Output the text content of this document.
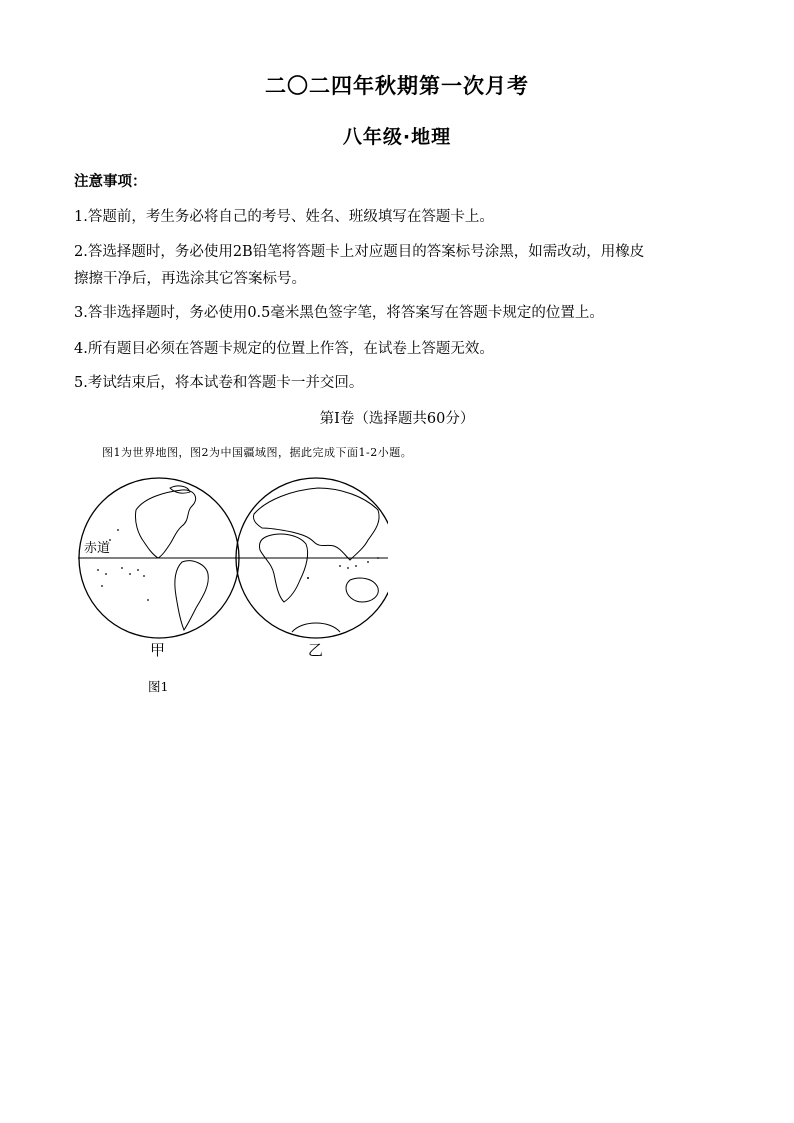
二〇二四年秋期第一次月考
八年级·地理
注意事项：
1.答题前，考生务必将自己的考号、姓名、班级填写在答题卡上。
2.答选择题时，务必使用2B铅笔将答题卡上对应题目的答案标号涂黑，如需改动，用橡皮
擦擦干净后，再选涂其它答案标号。
3.答非选择题时，务必使用0.5毫米黑色签字笔，将答案写在答题卡规定的位置上。
4.所有题目必须在答题卡规定的位置上作答，在试卷上答题无效。
5.考试结束后，将本试卷和答题卡一并交回。
第Ⅰ卷（选择题共60分）
图1为世界地图，图2为中国疆域图，据此完成下面1-2小题。
赤道
甲	乙
图1
